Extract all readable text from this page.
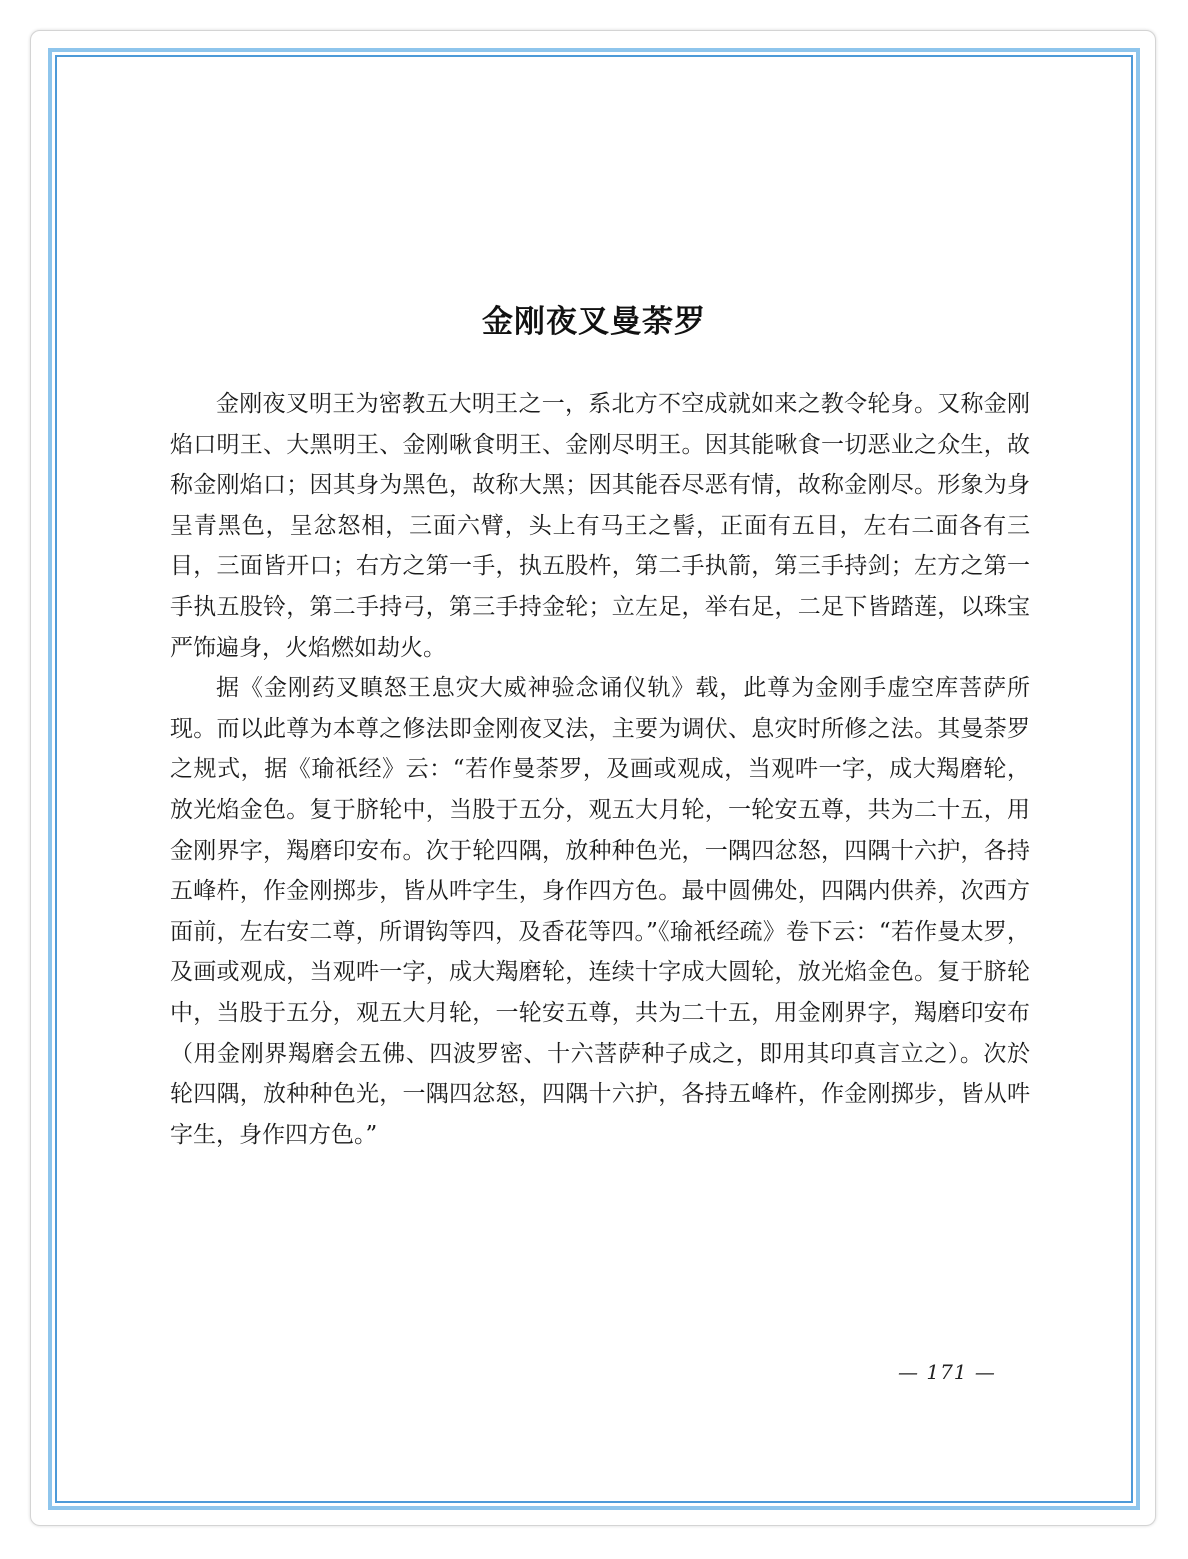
金刚夜叉曼荼罗

金刚夜叉明王为密教五大明王之一，系北方不空成就如来之教令轮身。又称金刚焰口明王、大黑明王、金刚啾食明王、金刚尽明王。因其能啾食一切恶业之众生，故称金刚焰口；因其身为黑色，故称大黑；因其能吞尽恶有情，故称金刚尽。形象为身呈青黑色，呈忿怒相，三面六臂，头上有马王之髻，正面有五目，左右二面各有三目，三面皆开口；右方之第一手，执五股杵，第二手执箭，第三手持剑；左方之第一手执五股铃，第二手持弓，第三手持金轮；立左足，举右足，二足下皆踏莲，以珠宝严饰遍身，火焰燃如劫火。

据《金刚药叉瞋怒王息灾大威神验念诵仪轨》载，此尊为金刚手虚空库菩萨所现。而以此尊为本尊之修法即金刚夜叉法，主要为调伏、息灾时所修之法。其曼荼罗之规式，据《瑜祇经》云：“若作曼荼罗，及画或观成，当观吽一字，成大羯磨轮，放光焰金色。复于脐轮中，当股于五分，观五大月轮，一轮安五尊，共为二十五，用金刚界字，羯磨印安布。次于轮四隅，放种种色光，一隅四忿怒，四隅十六护，各持五峰杵，作金刚掷步，皆从吽字生，身作四方色。最中圆佛处，四隅内供养，次西方面前，左右安二尊，所谓钩等四，及香花等四。”《瑜衹经疏》卷下云：“若作曼太罗，及画或观成，当观吽一字，成大羯磨轮，连续十字成大圆轮，放光焰金色。复于脐轮中，当股于五分，观五大月轮，一轮安五尊，共为二十五，用金刚界字，羯磨印安布（用金刚界羯磨会五佛、四波罗密、十六菩萨种子成之，即用其印真言立之）。次於轮四隅，放种种色光，一隅四忿怒，四隅十六护，各持五峰杵，作金刚掷步，皆从吽字生，身作四方色。”

— 171 —
